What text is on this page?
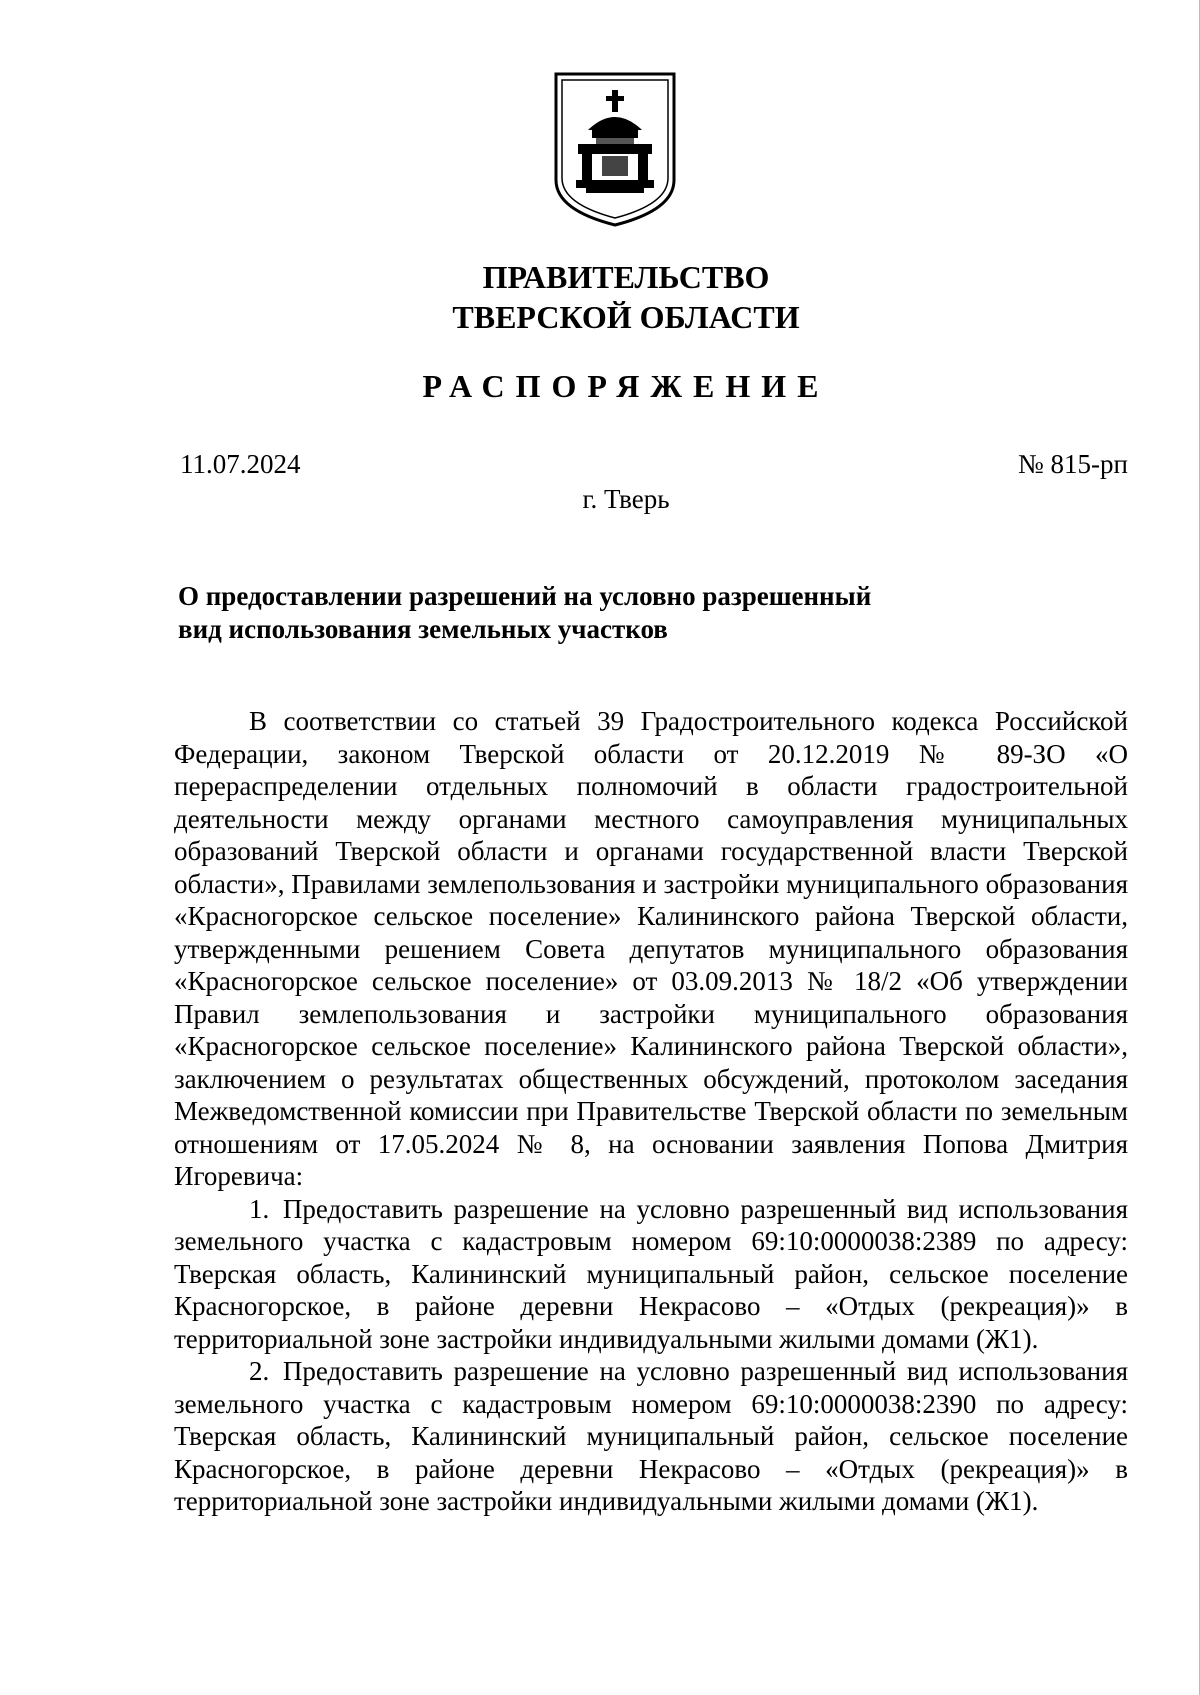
ПРАВИТЕЛЬСТВО
ТВЕРСКОЙ ОБЛАСТИ
РАСПОРЯЖЕНИЕ
11.07.2024	№ 815-рп
г. Тверь
О предоставлении разрешений на условно разрешенный
вид использования земельных участков

В соответствии со статьей 39 Градостроительного кодекса Российской Федерации, законом Тверской области от 20.12.2019 № 89-ЗО «О перераспределении отдельных полномочий в области градостроительной деятельности между органами местного самоуправления муниципальных образований Тверской области и органами государственной власти Тверской области», Правилами землепользования и застройки муниципального образования «Красногорское сельское поселение» Калининского района Тверской области, утвержденными решением Совета депутатов муниципального образования «Красногорское сельское поселение» от 03.09.2013 № 18/2 «Об утверждении Правил землепользования и застройки муниципального образования «Красногорское сельское поселение» Калининского района Тверской области», заключением о результатах общественных обсуждений, протоколом заседания Межведомственной комиссии при Правительстве Тверской области по земельным отношениям от 17.05.2024 № 8, на основании заявления Попова Дмитрия Игоревича:

1. Предоставить разрешение на условно разрешенный вид использования земельного участка с кадастровым номером 69:10:0000038:2389 по адресу: Тверская область, Калининский муниципальный район, сельское поселение Красногорское, в районе деревни Некрасово – «Отдых (рекреация)» в территориальной зоне застройки индивидуальными жилыми домами (Ж1).

2. Предоставить разрешение на условно разрешенный вид использования земельного участка с кадастровым номером 69:10:0000038:2390 по адресу: Тверская область, Калининский муниципальный район, сельское поселение Красногорское, в районе деревни Некрасово – «Отдых (рекреация)» в территориальной зоне застройки индивидуальными жилыми домами (Ж1).
